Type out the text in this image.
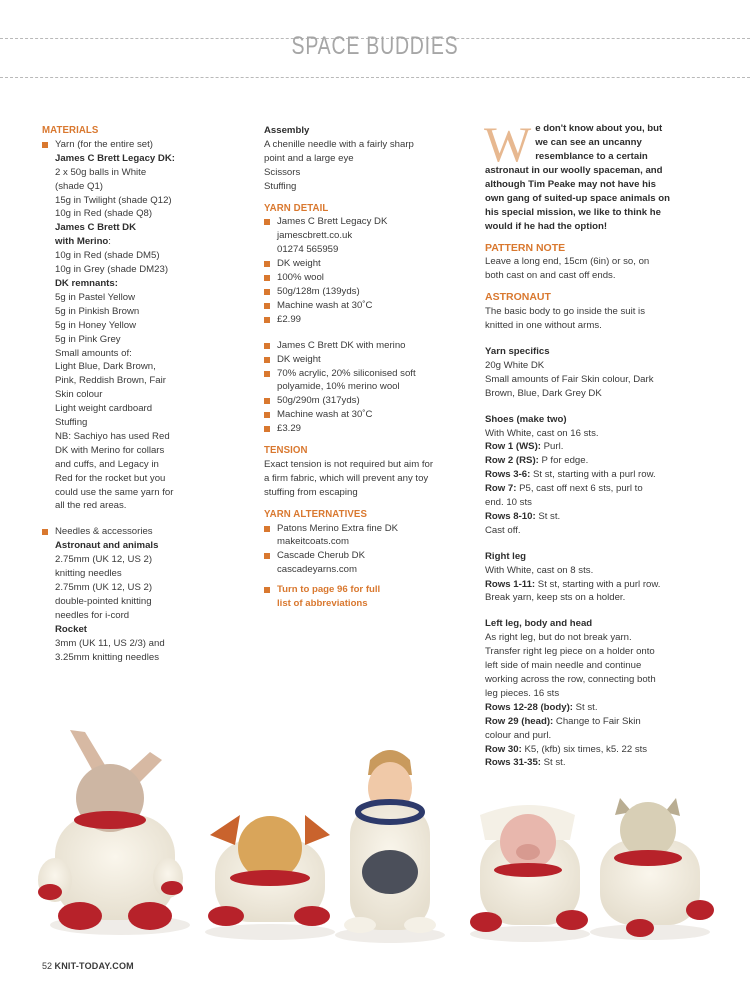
SPACE BUDDIES
MATERIALS
Yarn (for the entire set)
James C Brett Legacy DK:
2 x 50g balls in White
(shade Q1)
15g in Twilight (shade Q12)
10g in Red (shade Q8)
James C Brett DK
with Merino:
10g in Red (shade DM5)
10g in Grey (shade DM23)
DK remnants:
5g in Pastel Yellow
5g in Pinkish Brown
5g in Honey Yellow
5g in Pink Grey
Small amounts of:
Light Blue, Dark Brown,
Pink, Reddish Brown, Fair
Skin colour
Light weight cardboard
Stuffing
NB: Sachiyo has used Red
DK with Merino for collars
and cuffs, and Legacy in
Red for the rocket but you
could use the same yarn for
all the red areas.
Needles & accessories
Astronaut and animals
2.75mm (UK 12, US 2)
knitting needles
2.75mm (UK 12, US 2)
double-pointed knitting
needles for i-cord
Rocket
3mm (UK 11, US 2/3) and
3.25mm knitting needles
Assembly
A chenille needle with a fairly sharp
point and a large eye
Scissors
Stuffing
YARN DETAIL
James C Brett Legacy DK
jamescbrett.co.uk
01274 565959
DK weight
100% wool
50g/128m (139yds)
Machine wash at 30˚C
£2.99
James C Brett DK with merino
DK weight
70% acrylic, 20% siliconised soft
polyamide, 10% merino wool
50g/290m (317yds)
Machine wash at 30˚C
£3.29
TENSION
Exact tension is not required but aim for
a firm fabric, which will prevent any toy
stuffing from escaping
YARN ALTERNATIVES
Patons Merino Extra fine DK
makeitcoats.com
Cascade Cherub DK
cascadeyarns.com
Turn to page 96 for full
list of abbreviations
W e don't know about you, but
we can see an uncanny
resemblance to a certain
astronaut in our woolly spaceman, and
although Tim Peake may not have his
own gang of suited-up space animals on
his special mission, we like to think he
would if he had the option!
PATTERN NOTE
Leave a long end, 15cm (6in) or so, on
both cast on and cast off ends.
ASTRONAUT
The basic body to go inside the suit is
knitted in one without arms.
Yarn specifics
20g White DK
Small amounts of Fair Skin colour, Dark
Brown, Blue, Dark Grey DK
Shoes (make two)
With White, cast on 16 sts.
Row 1 (WS): Purl.
Row 2 (RS): P for edge.
Rows 3-6: St st, starting with a purl row.
Row 7: P5, cast off next 6 sts, purl to
end. 10 sts
Rows 8-10: St st.
Cast off.
Right leg
With White, cast on 8 sts.
Rows 1-11: St st, starting with a purl row.
Break yarn, keep sts on a holder.
Left leg, body and head
As right leg, but do not break yarn.
Transfer right leg piece on a holder onto
left side of main needle and continue
working across the row, connecting both
leg pieces. 16 sts
Rows 12-28 (body): St st.
Row 29 (head): Change to Fair Skin
colour and purl.
Row 30: K5, (kfb) six times, k5. 22 sts
Rows 31-35: St st.
52 KNIT-TODAY.COM
